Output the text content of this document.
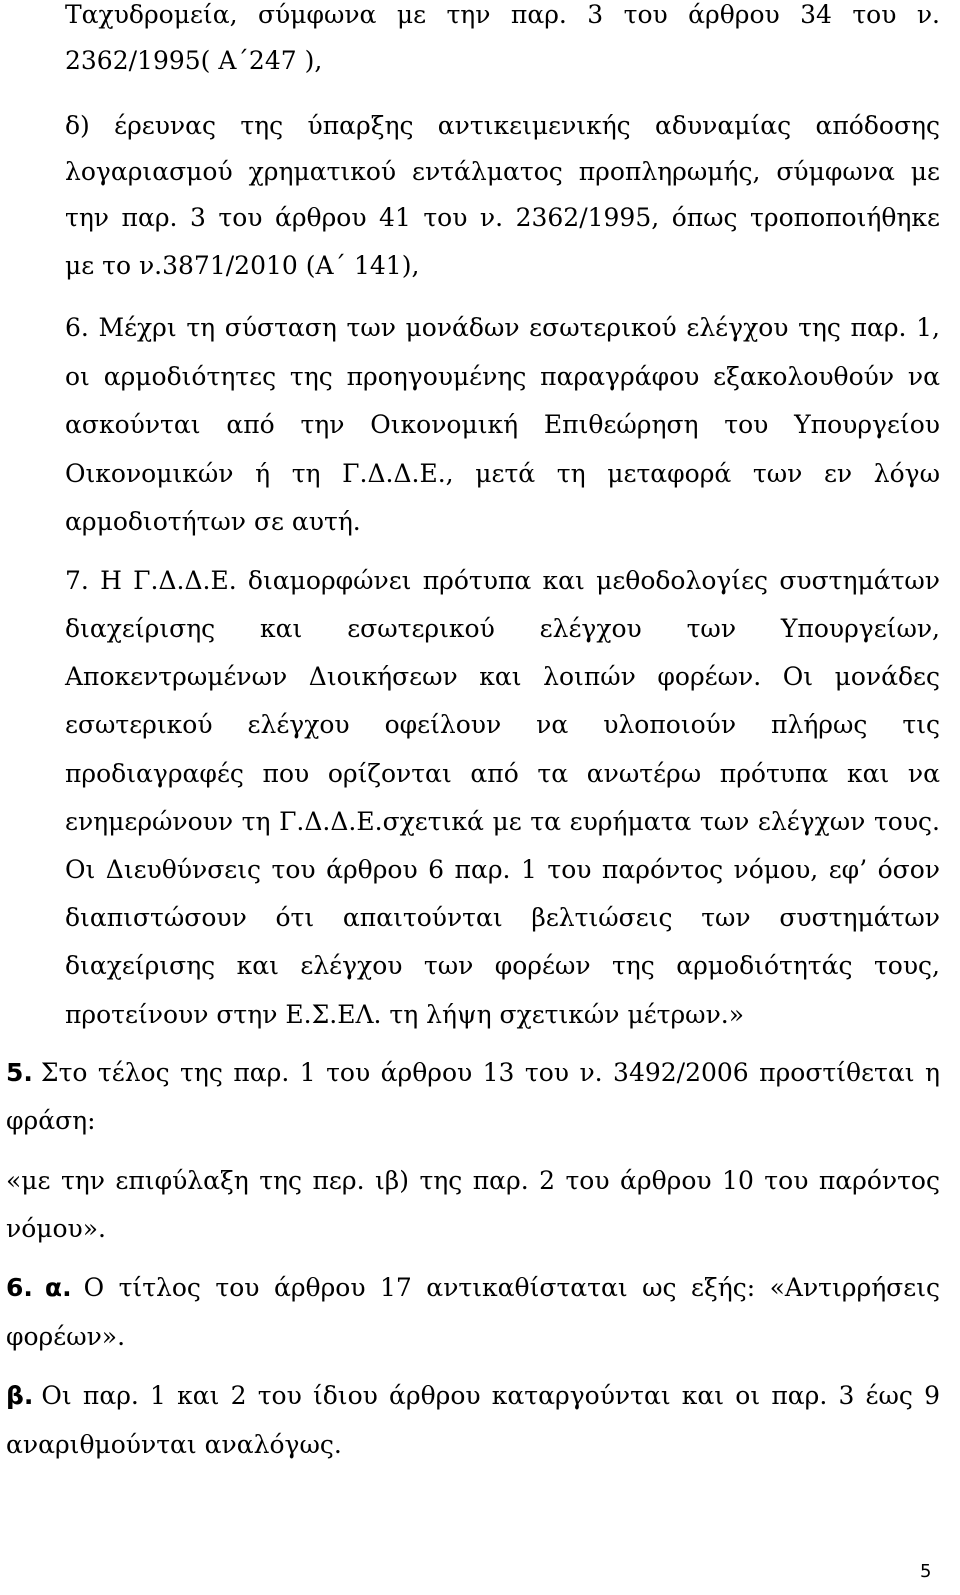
Ταχυδρομεία, σύμφωνα με την παρ. 3 του άρθρου 34 του ν.
2362/1995( Α΄247 ),
δ) έρευνας της ύπαρξης αντικειμενικής αδυναμίας απόδοσης
λογαριασμού χρηματικού εντάλματος προπληρωμής, σύμφωνα με
την παρ. 3 του άρθρου 41 του ν. 2362/1995, όπως τροποποιήθηκε
με το ν.3871/2010 (Α΄ 141),
6. Μέχρι τη σύσταση των μονάδων εσωτερικού ελέγχου της παρ. 1,
οι αρμοδιότητες της προηγουμένης παραγράφου εξακολουθούν να
ασκούνται από την Οικονομική Επιθεώρηση του Υπουργείου
Οικονομικών ή τη Γ.Δ.Δ.Ε., μετά τη μεταφορά των εν λόγω
αρμοδιοτήτων σε αυτή.
7. Η Γ.Δ.Δ.Ε. διαμορφώνει πρότυπα και μεθοδολογίες συστημάτων
διαχείρισης και εσωτερικού ελέγχου των Υπουργείων,
Αποκεντρωμένων Διοικήσεων και λοιπών φορέων. Οι μονάδες
εσωτερικού ελέγχου οφείλουν να υλοποιούν πλήρως τις
προδιαγραφές που ορίζονται από τα ανωτέρω πρότυπα και να
ενημερώνουν τη Γ.Δ.Δ.Ε.σχετικά με τα ευρήματα των ελέγχων τους.
Οι Διευθύνσεις του άρθρου 6 παρ. 1 του παρόντος νόμου, εφ’ όσον
διαπιστώσουν ότι απαιτούνται βελτιώσεις των συστημάτων
διαχείρισης και ελέγχου των φορέων της αρμοδιότητάς τους,
προτείνουν στην Ε.Σ.ΕΛ. τη λήψη σχετικών μέτρων.»
5. Στο τέλος της παρ. 1 του άρθρου 13 του ν. 3492/2006 προστίθεται η
φράση:
«με την επιφύλαξη της περ. ιβ) της παρ. 2 του άρθρου 10 του παρόντος
νόμου».
6. α. Ο τίτλος του άρθρου 17 αντικαθίσταται ως εξής: «Αντιρρήσεις
φορέων».
β. Οι παρ. 1 και 2 του ίδιου άρθρου καταργούνται και οι παρ. 3 έως 9
αναριθμούνται αναλόγως.
5
